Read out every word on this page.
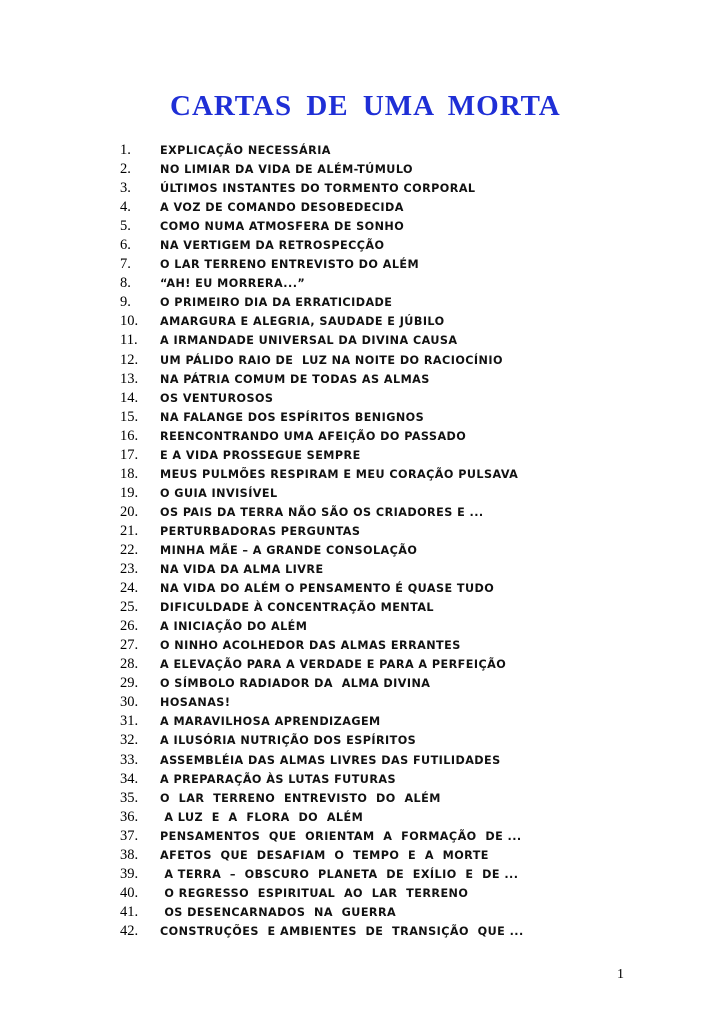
CARTAS DE UMA MORTA
1.	EXPLICAÇÃO NECESSÁRIA
2.	NO LIMIAR DA VIDA DE ALÉM-TÚMULO
3.	ÚLTIMOS INSTANTES DO TORMENTO CORPORAL
4.	A VOZ DE COMANDO DESOBEDECIDA
5.	COMO NUMA ATMOSFERA DE SONHO
6.	NA VERTIGEM DA RETROSPECÇÃO
7.	O LAR TERRENO ENTREVISTO DO ALÉM
8.	“AH! EU MORRERA...”
9.	O PRIMEIRO DIA DA ERRATICIDADE
10.	AMARGURA E ALEGRIA, SAUDADE E JÚBILO
11.	A IRMANDADE UNIVERSAL DA DIVINA CAUSA
12.	UM PÁLIDO RAIO DE  LUZ NA NOITE DO RACIOCÍNIO
13.	NA PÁTRIA COMUM DE TODAS AS ALMAS
14.	OS VENTUROSOS
15.	NA FALANGE DOS ESPÍRITOS BENIGNOS
16.	REENCONTRANDO UMA AFEIÇÃO DO PASSADO
17.	E A VIDA PROSSEGUE SEMPRE
18.	MEUS PULMÕES RESPIRAM E MEU CORAÇÃO PULSAVA
19.	O GUIA INVISÍVEL
20.	OS PAIS DA TERRA NÃO SÃO OS CRIADORES E ...
21.	PERTURBADORAS PERGUNTAS
22.	MINHA MÃE – A GRANDE CONSOLAÇÃO
23.	NA VIDA DA ALMA LIVRE
24.	NA VIDA DO ALÉM O PENSAMENTO É QUASE TUDO
25.	DIFICULDADE À CONCENTRAÇÃO MENTAL
26.	A INICIAÇÃO DO ALÉM
27.	O NINHO ACOLHEDOR DAS ALMAS ERRANTES
28.	A ELEVAÇÃO PARA A VERDADE E PARA A PERFEIÇÃO
29.	O SÍMBOLO RADIADOR DA  ALMA DIVINA
30.	HOSANAS!
31.	A MARAVILHOSA APRENDIZAGEM
32.	A ILUSÓRIA NUTRIÇÃO DOS ESPÍRITOS
33.	ASSEMBLÉIA DAS ALMAS LIVRES DAS FUTILIDADES
34.	A PREPARAÇÃO ÀS LUTAS FUTURAS
35.	O  LAR  TERRENO  ENTREVISTO  DO  ALÉM
36.	A LUZ  E  A  FLORA  DO  ALÉM
37.	PENSAMENTOS  QUE  ORIENTAM  A  FORMAÇÃO  DE ...
38.	AFETOS  QUE  DESAFIAM  O  TEMPO  E  A  MORTE
39.	A TERRA  –  OBSCURO  PLANETA  DE  EXÍLIO  E  DE ...
40.	O REGRESSO  ESPIRITUAL  AO  LAR  TERRENO
41.	OS DESENCARNADOS  NA  GUERRA
42.	CONSTRUÇÕES  E AMBIENTES  DE  TRANSIÇÃO  QUE ...
1
